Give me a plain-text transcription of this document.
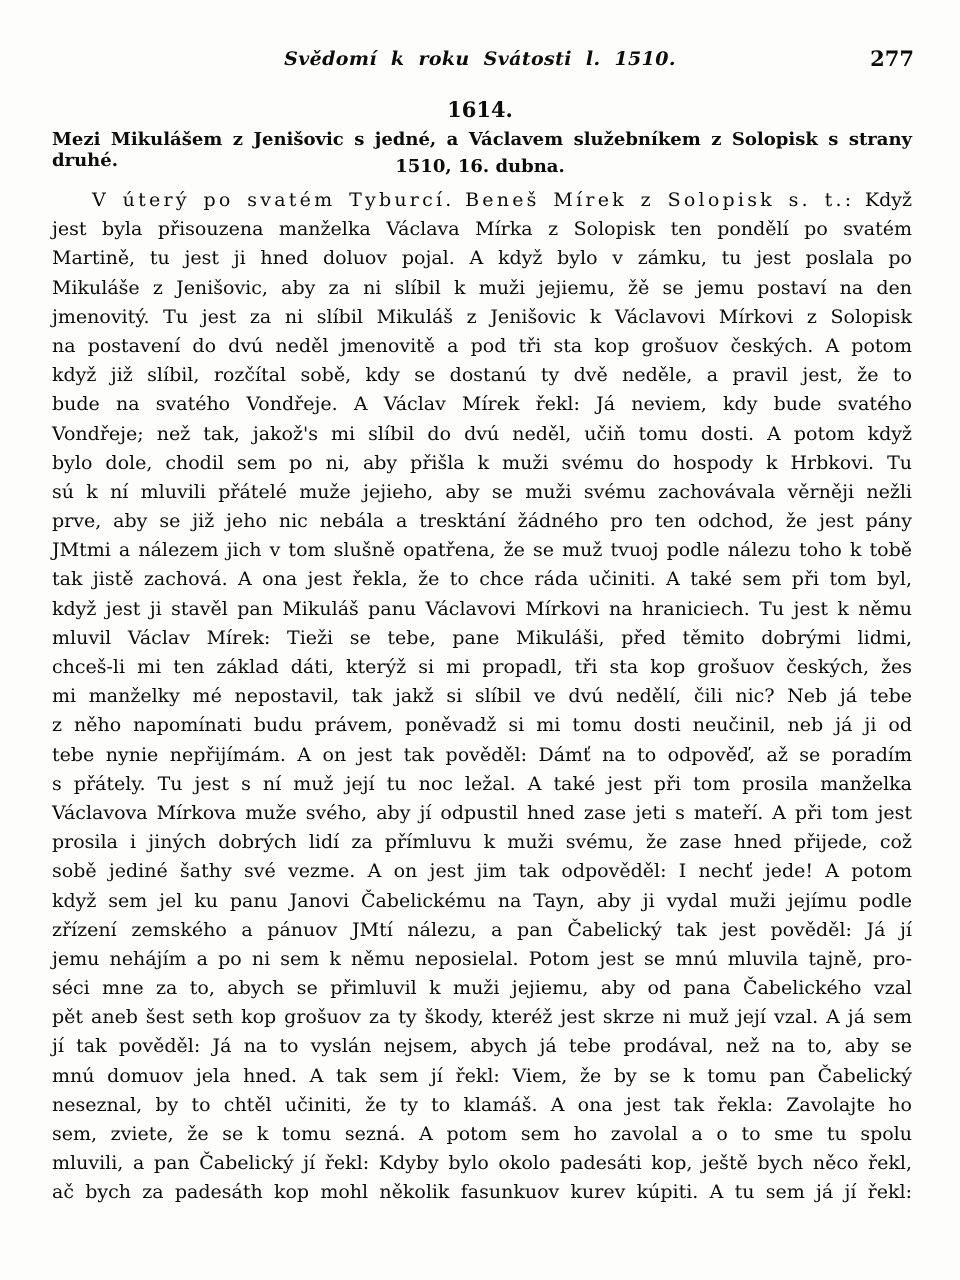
Svědomí k roku Svátosti l. 1510.	277
1614.
Mezi Mikulášem z Jenišovic s jedné, a Václavem služebníkem z Solopisk s strany druhé.	1510, 16. dubna.
V úterý po svatém Tyburcí. Beneš Mírek z Solopisk s. t.: Když
jest byla přisouzena manželka Václava Mírka z Solopisk ten pondělí po svatém
Martině, tu jest ji hned doluov pojal. A když bylo v zámku, tu jest poslala po
Mikuláše z Jenišovic, aby za ni slíbil k muži jejiemu, žě se jemu postaví na den
jmenovitý. Tu jest za ni slíbil Mikuláš z Jenišovic k Václavovi Mírkovi z Solopisk
na postavení do dvú neděl jmenovitě a pod tři sta kop grošuov českých. A potom
když již slíbil, rozčítal sobě, kdy se dostanú ty dvě neděle, a pravil jest, že to
bude na svatého Vondřeje. A Václav Mírek řekl: Já neviem, kdy bude svatého
Vondřeje; než tak, jakož's mi slíbil do dvú neděl, učiň tomu dosti. A potom když
bylo dole, chodil sem po ni, aby přišla k muži svému do hospody k Hrbkovi. Tu
sú k ní mluvili přátelé muže jejieho, aby se muži svému zachovávala věrněji nežli
prve, aby se již jeho nic nebála a tresktání žádného pro ten odchod, že jest pány
JMtmi a nálezem jich v tom slušně opatřena, že se muž tvuoj podle nálezu toho k tobě
tak jistě zachová. A ona jest řekla, že to chce ráda učiniti. A také sem při tom byl,
když jest ji stavěl pan Mikuláš panu Václavovi Mírkovi na hraniciech. Tu jest k němu
mluvil Václav Mírek: Tieži se tebe, pane Mikuláši, před těmito dobrými lidmi,
chceš-li mi ten základ dáti, kterýž si mi propadl, tři sta kop grošuov českých, žes
mi manželky mé nepostavil, tak jakž si slíbil ve dvú nedělí, čili nic? Neb já tebe
z něho napomínati budu právem, poněvadž si mi tomu dosti neučinil, neb já ji od
tebe nynie nepřijímám. A on jest tak pověděl: Dámť na to odpověď, až se poradím
s přátely. Tu jest s ní muž její tu noc ležal. A také jest při tom prosila manželka
Václavova Mírkova muže svého, aby jí odpustil hned zase jeti s mateří. A při tom jest
prosila i jiných dobrých lidí za přímluvu k muži svému, že zase hned přijede, což
sobě jediné šathy své vezme. A on jest jim tak odpověděl: I nechť jede! A potom
když sem jel ku panu Janovi Čabelickému na Tayn, aby ji vydal muži jejímu podle
zřízení zemského a pánuov JMtí nálezu, a pan Čabelický tak jest pověděl: Já jí
jemu nehájím a po ni sem k němu neposielal. Potom jest se mnú mluvila tajně, pro-
séci mne za to, abych se přimluvil k muži jejiemu, aby od pana Čabelického vzal
pět aneb šest seth kop grošuov za ty škody, kteréž jest skrze ni muž její vzal. A já sem
jí tak pověděl: Já na to vyslán nejsem, abych já tebe prodával, než na to, aby se
mnú domuov jela hned. A tak sem jí řekl: Viem, že by se k tomu pan Čabelický
neseznal, by to chtěl učiniti, že ty to klamáš. A ona jest tak řekla: Zavolajte ho
sem, zviete, že se k tomu sezná. A potom sem ho zavolal a o to sme tu spolu
mluvili, a pan Čabelický jí řekl: Kdyby bylo okolo padesáti kop, ještě bych něco řekl,
ač bych za padesáth kop mohl několik fasunkuov kurev kúpiti. A tu sem já jí řekl:
